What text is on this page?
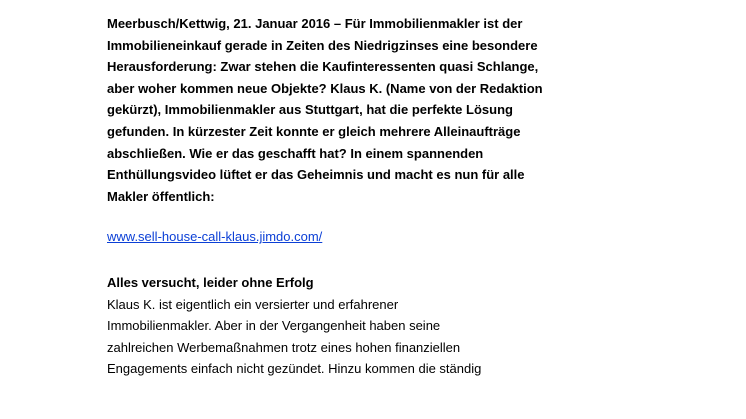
Meerbusch/Kettwig, 21. Januar 2016 – Für Immobilienmakler ist der
Immobilieneinkauf gerade in Zeiten des Niedrigzinses eine besondere
Herausforderung: Zwar stehen die Kaufinteressenten quasi Schlange,
aber woher kommen neue Objekte? Klaus K. (Name von der Redaktion
gekürzt), Immobilienmakler aus Stuttgart, hat die perfekte Lösung
gefunden. In kürzester Zeit konnte er gleich mehrere Alleinaufträge
abschließen. Wie er das geschafft hat? In einem spannenden
Enthüllungsvideo lüftet er das Geheimnis und macht es nun für alle
Makler öffentlich:
www.sell-house-call-klaus.jimdo.com/
Alles versucht, leider ohne Erfolg
Klaus K. ist eigentlich ein versierter und erfahrener
Immobilienmakler. Aber in der Vergangenheit haben seine
zahlreichen Werbemaßnahmen trotz eines hohen finanziellen
Engagements einfach nicht gezündet. Hinzu kommen die ständig
